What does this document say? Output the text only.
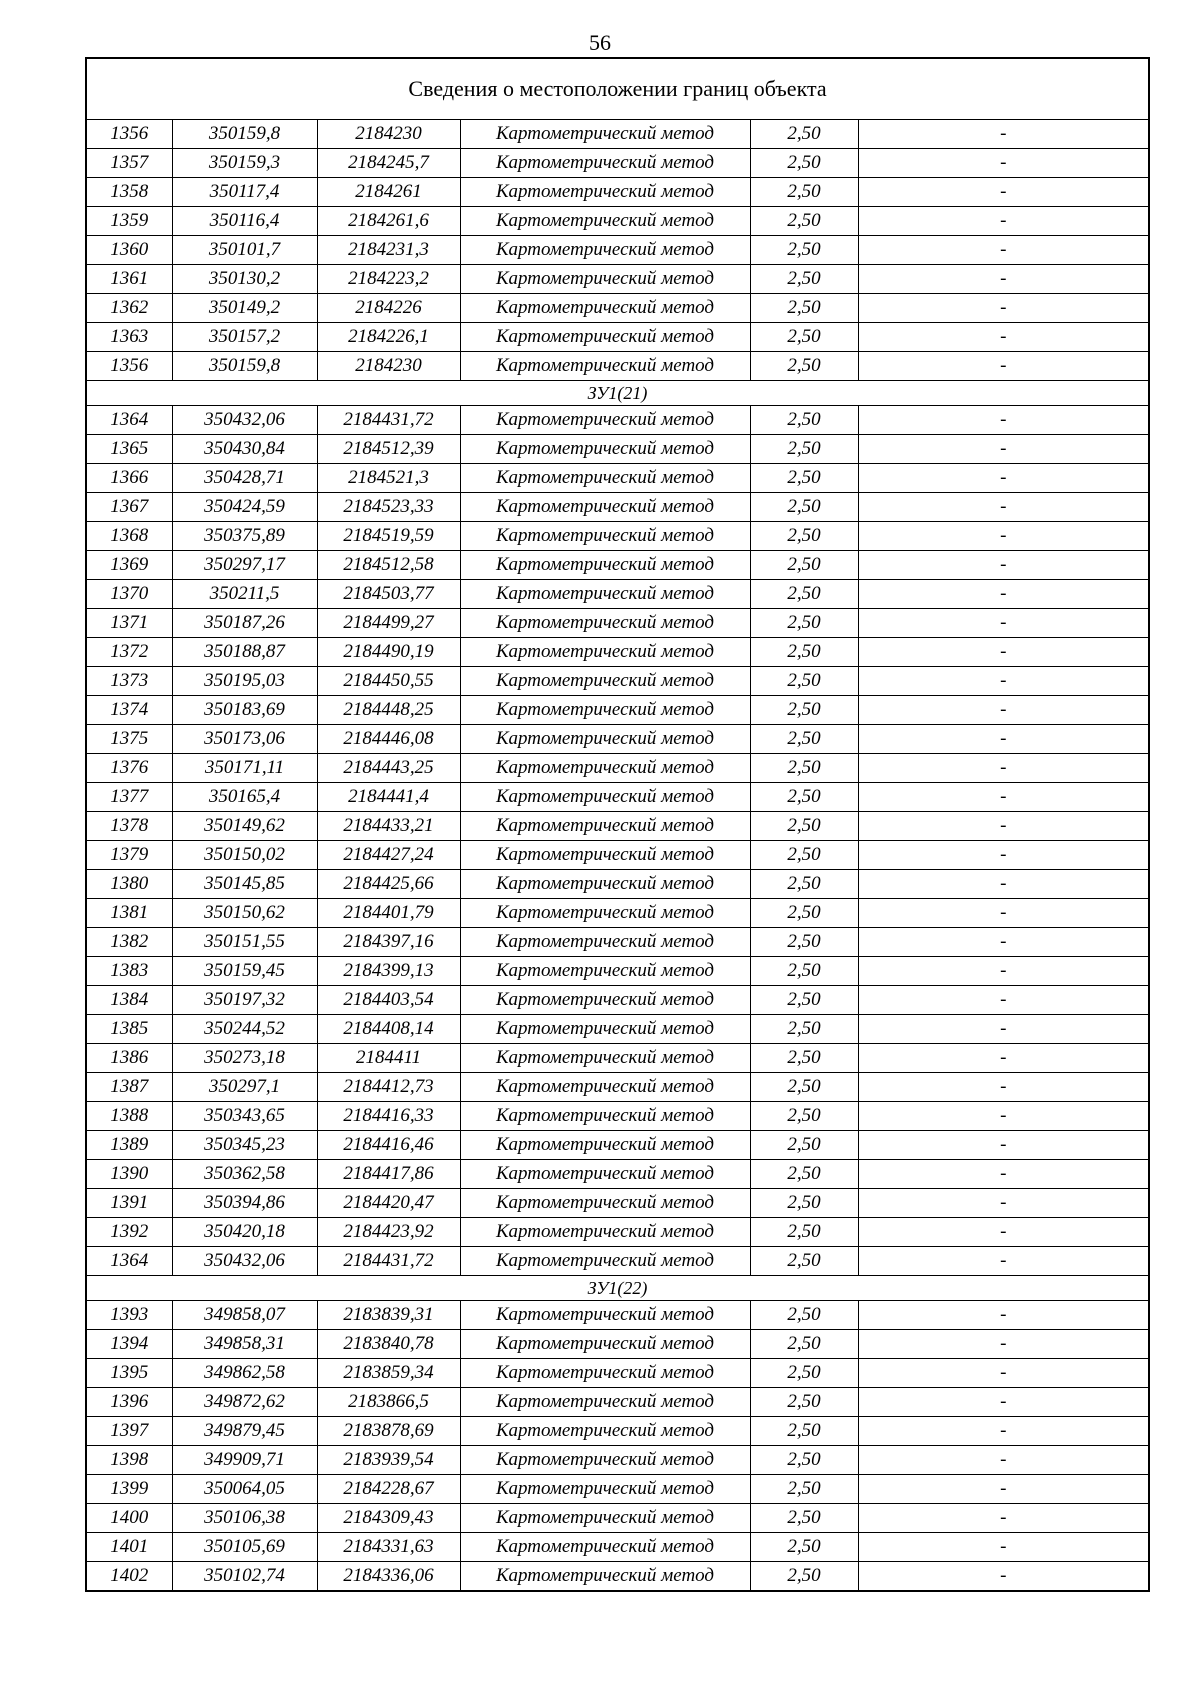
56
Сведения о местоположении границ объекта					
1356	350159,8	2184230	Картометрический метод	2,50	-
1357	350159,3	2184245,7	Картометрический метод	2,50	-
1358	350117,4	2184261	Картометрический метод	2,50	-
1359	350116,4	2184261,6	Картометрический метод	2,50	-
1360	350101,7	2184231,3	Картометрический метод	2,50	-
1361	350130,2	2184223,2	Картометрический метод	2,50	-
1362	350149,2	2184226	Картометрический метод	2,50	-
1363	350157,2	2184226,1	Картометрический метод	2,50	-
1356	350159,8	2184230	Картометрический метод	2,50	-
ЗУ1(21)					
1364	350432,06	2184431,72	Картометрический метод	2,50	-
1365	350430,84	2184512,39	Картометрический метод	2,50	-
1366	350428,71	2184521,3	Картометрический метод	2,50	-
1367	350424,59	2184523,33	Картометрический метод	2,50	-
1368	350375,89	2184519,59	Картометрический метод	2,50	-
1369	350297,17	2184512,58	Картометрический метод	2,50	-
1370	350211,5	2184503,77	Картометрический метод	2,50	-
1371	350187,26	2184499,27	Картометрический метод	2,50	-
1372	350188,87	2184490,19	Картометрический метод	2,50	-
1373	350195,03	2184450,55	Картометрический метод	2,50	-
1374	350183,69	2184448,25	Картометрический метод	2,50	-
1375	350173,06	2184446,08	Картометрический метод	2,50	-
1376	350171,11	2184443,25	Картометрический метод	2,50	-
1377	350165,4	2184441,4	Картометрический метод	2,50	-
1378	350149,62	2184433,21	Картометрический метод	2,50	-
1379	350150,02	2184427,24	Картометрический метод	2,50	-
1380	350145,85	2184425,66	Картометрический метод	2,50	-
1381	350150,62	2184401,79	Картометрический метод	2,50	-
1382	350151,55	2184397,16	Картометрический метод	2,50	-
1383	350159,45	2184399,13	Картометрический метод	2,50	-
1384	350197,32	2184403,54	Картометрический метод	2,50	-
1385	350244,52	2184408,14	Картометрический метод	2,50	-
1386	350273,18	2184411	Картометрический метод	2,50	-
1387	350297,1	2184412,73	Картометрический метод	2,50	-
1388	350343,65	2184416,33	Картометрический метод	2,50	-
1389	350345,23	2184416,46	Картометрический метод	2,50	-
1390	350362,58	2184417,86	Картометрический метод	2,50	-
1391	350394,86	2184420,47	Картометрический метод	2,50	-
1392	350420,18	2184423,92	Картометрический метод	2,50	-
1364	350432,06	2184431,72	Картометрический метод	2,50	-
ЗУ1(22)					
1393	349858,07	2183839,31	Картометрический метод	2,50	-
1394	349858,31	2183840,78	Картометрический метод	2,50	-
1395	349862,58	2183859,34	Картометрический метод	2,50	-
1396	349872,62	2183866,5	Картометрический метод	2,50	-
1397	349879,45	2183878,69	Картометрический метод	2,50	-
1398	349909,71	2183939,54	Картометрический метод	2,50	-
1399	350064,05	2184228,67	Картометрический метод	2,50	-
1400	350106,38	2184309,43	Картометрический метод	2,50	-
1401	350105,69	2184331,63	Картометрический метод	2,50	-
1402	350102,74	2184336,06	Картометрический метод	2,50	-
